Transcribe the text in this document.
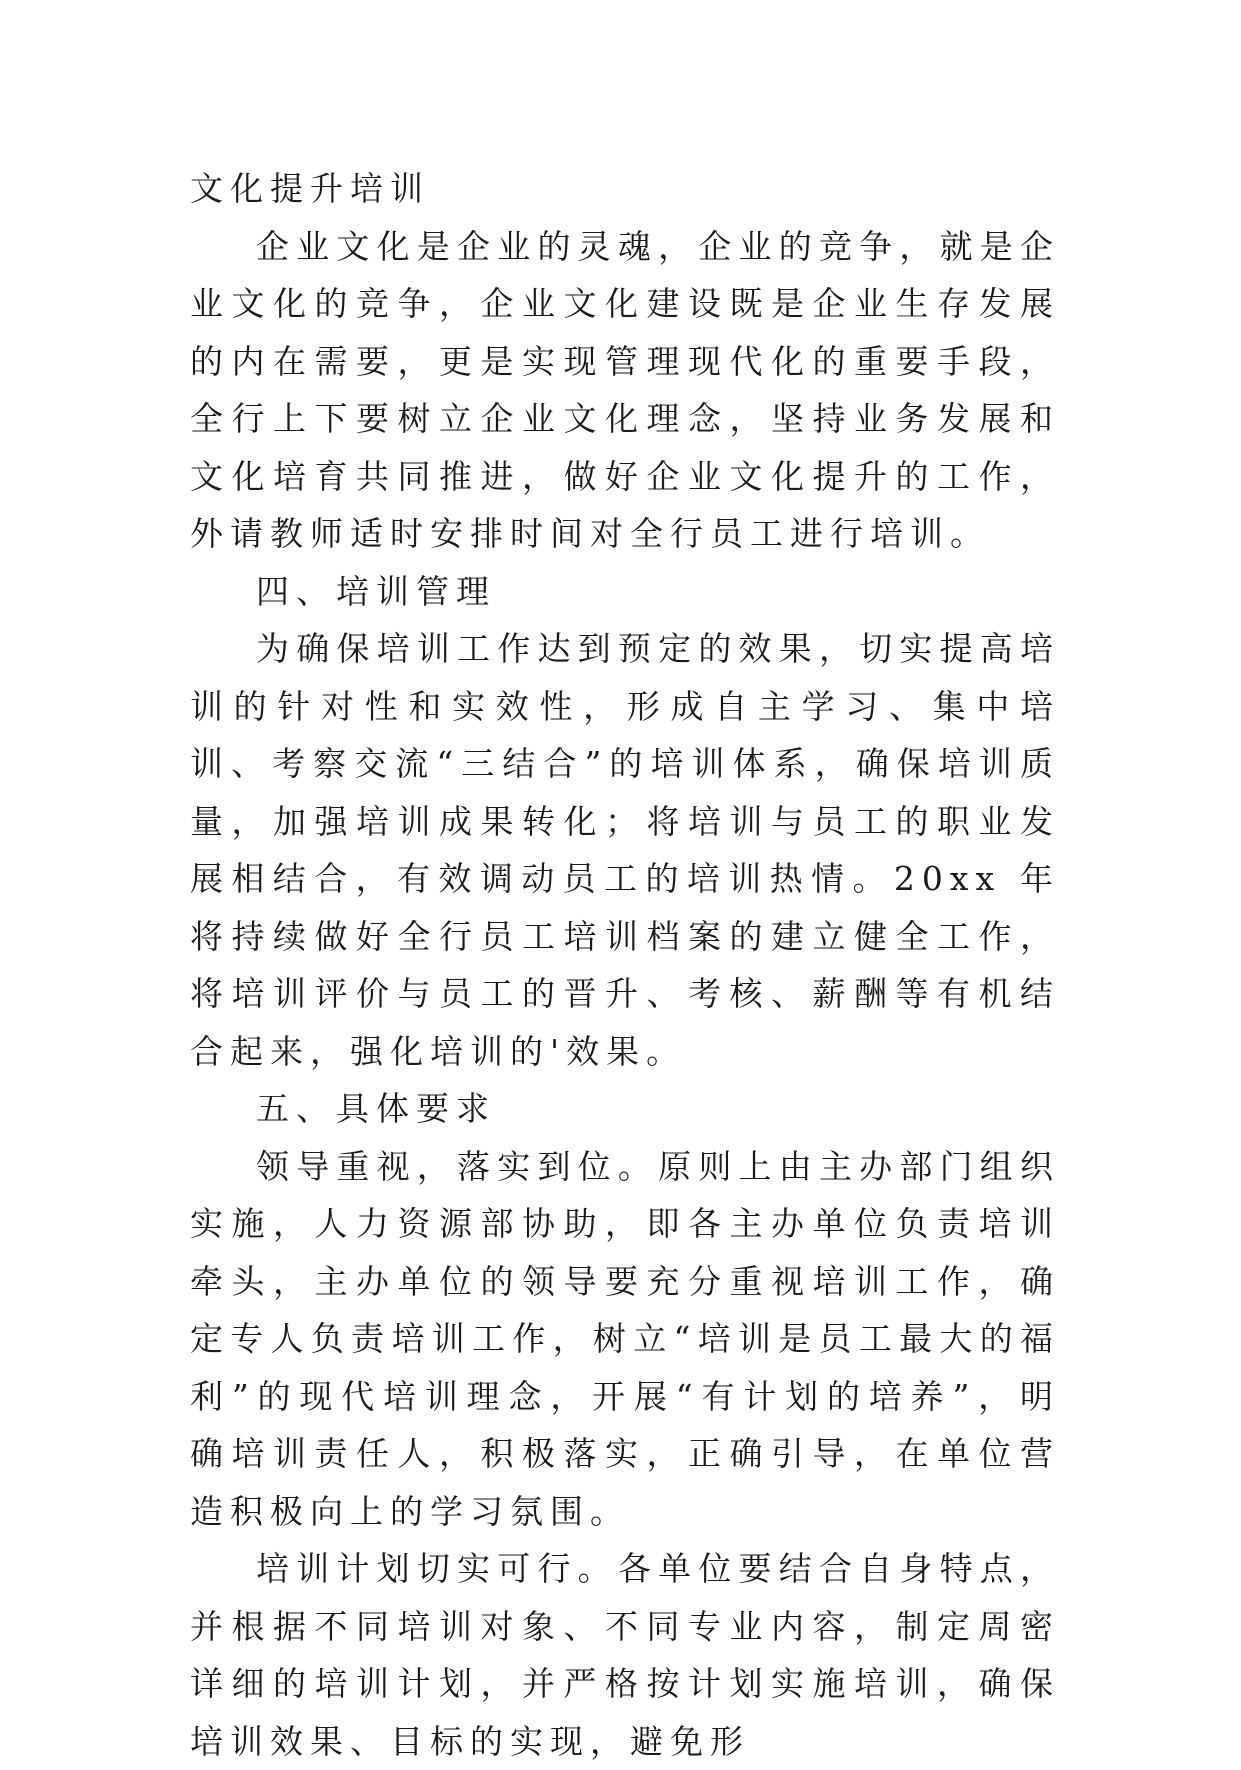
文化提升培训

企业文化是企业的灵魂，企业的竞争，就是企业文化的竞争，企业文化建设既是企业生存发展的内在需要，更是实现管理现代化的重要手段，全行上下要树立企业文化理念，坚持业务发展和文化培育共同推进，做好企业文化提升的工作，外请教师适时安排时间对全行员工进行培训。

四、培训管理

为确保培训工作达到预定的效果，切实提高培训的针对性和实效性，形成自主学习、集中培训、考察交流“三结合”的培训体系，确保培训质量，加强培训成果转化；将培训与员工的职业发展相结合，有效调动员工的培训热情。20xx 年将持续做好全行员工培训档案的建立健全工作，将培训评价与员工的晋升、考核、薪酬等有机结合起来，强化培训的'效果。

五、具体要求

领导重视，落实到位。原则上由主办部门组织实施，人力资源部协助，即各主办单位负责培训牵头，主办单位的领导要充分重视培训工作，确定专人负责培训工作，树立“培训是员工最大的福利”的现代培训理念，开展“有计划的培养”，明确培训责任人，积极落实，正确引导，在单位营造积极向上的学习氛围。

培训计划切实可行。各单位要结合自身特点，并根据不同培训对象、不同专业内容，制定周密详细的培训计划，并严格按计划实施培训，确保培训效果、目标的实现，避免形
